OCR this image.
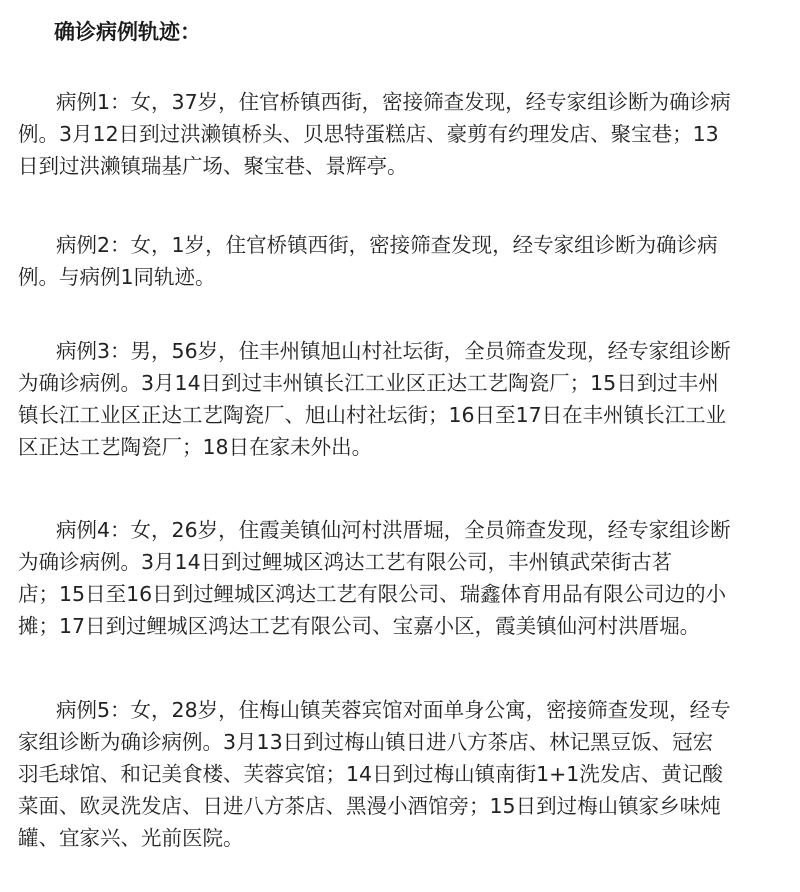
确诊病例轨迹：
病例1：女，37岁，住官桥镇西街，密接筛查发现，经专家组诊断为确诊病
例。3月12日到过洪濑镇桥头、贝思特蛋糕店、豪剪有约理发店、聚宝巷；13
日到过洪濑镇瑞基广场、聚宝巷、景辉亭。
病例2：女，1岁，住官桥镇西街，密接筛查发现，经专家组诊断为确诊病
例。与病例1同轨迹。
病例3：男，56岁，住丰州镇旭山村社坛街，全员筛查发现，经专家组诊断
为确诊病例。3月14日到过丰州镇长江工业区正达工艺陶瓷厂；15日到过丰州
镇长江工业区正达工艺陶瓷厂、旭山村社坛街；16日至17日在丰州镇长江工业
区正达工艺陶瓷厂；18日在家未外出。
病例4：女，26岁，住霞美镇仙河村洪厝堀，全员筛查发现，经专家组诊断
为确诊病例。3月14日到过鲤城区鸿达工艺有限公司，丰州镇武荣街古茗
店；15日至16日到过鲤城区鸿达工艺有限公司、瑞鑫体育用品有限公司边的小
摊；17日到过鲤城区鸿达工艺有限公司、宝嘉小区，霞美镇仙河村洪厝堀。
病例5：女，28岁，住梅山镇芙蓉宾馆对面单身公寓，密接筛查发现，经专
家组诊断为确诊病例。3月13日到过梅山镇日进八方茶店、林记黑豆饭、冠宏
羽毛球馆、和记美食楼、芙蓉宾馆；14日到过梅山镇南街1+1洗发店、黄记酸
菜面、欧灵洗发店、日进八方茶店、黑漫小酒馆旁；15日到过梅山镇家乡味炖
罐、宜家兴、光前医院。
